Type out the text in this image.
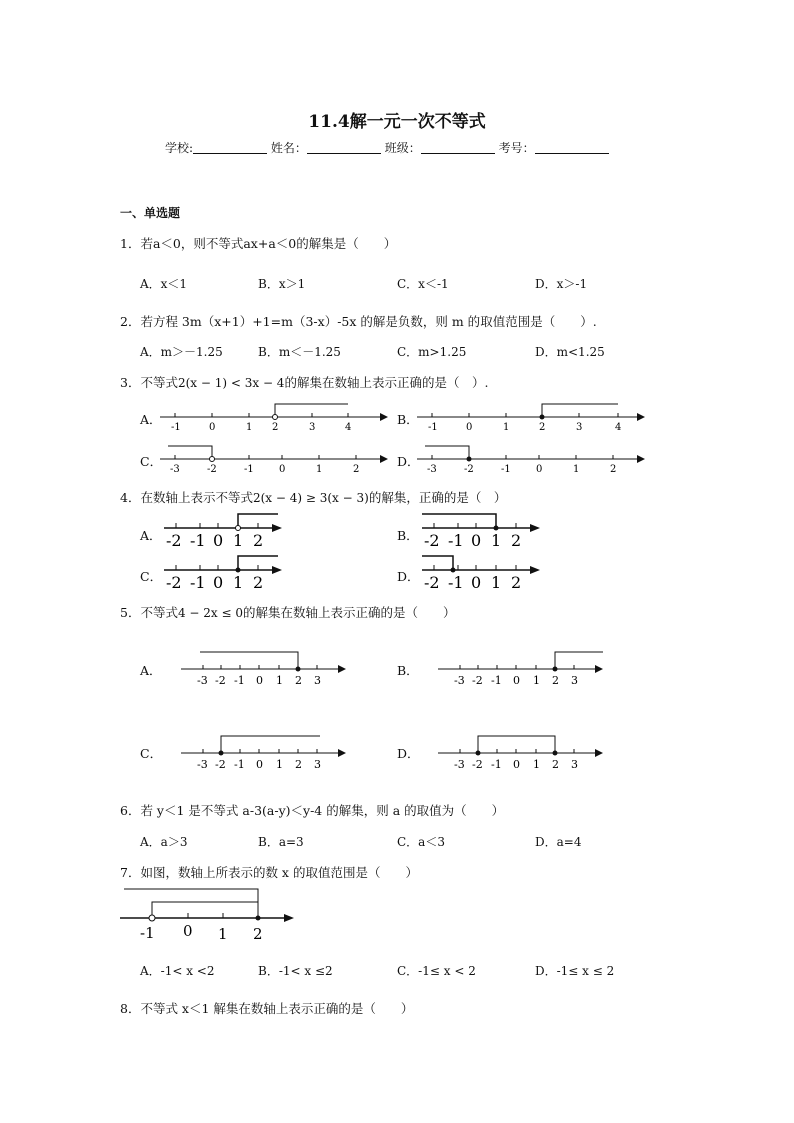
11.4解一元一次不等式
学校:	姓名：	班级：	考号：
一、单选题
1．若a＜0，则不等式ax+a＜0的解集是（　　）
A．x＜1	B．x＞1	C．x＜-1	D．x＞-1
2．若方程 3m（x+1）+1=m（3-x）-5x 的解是负数，则 m 的取值范围是（　　）.
A．m＞－1.25	B．m＜－1.25	C．m>1.25	D．m<1.25
3．不等式2(x − 1) < 3x − 4的解集在数轴上表示正确的是（　）.
A．	B．
C．	D．
-1	0	1 2	3	4	-1	0	1	2	3	4
-3	-2	-1	0	1	2	-3	-2	-1	0	1	2
4．在数轴上表示不等式2(x − 4) ≥ 3(x − 3)的解集，正确的是（　）
A．	B．
C．	D．
-2 -1 0 1 2	-2 -1 0 1 2
-2 -1 0 1 2	-2 -1 0 1 2
5．不等式4 − 2x ≤ 0的解集在数轴上表示正确的是（　　）
A．	B．
C．	D．
-3 -2 -1 0 1 2 3	-3 -2 -1 0 1 2 3
-3 -2 -1 0 1 2 3	-3 -2 -1 0 1 2 3
6．若 y＜1 是不等式 a-3(a-y)＜y-4 的解集，则 a 的取值为（　　）
A．a＞3	B．a=3	C．a＜3	D．a=4
7．如图，数轴上所表示的数 x 的取值范围是（　　）
-1 0 1 2
A．-1< x <2	B．-1< x ≤2	C．-1≤ x < 2	D．-1≤ x ≤ 2
8．不等式 x＜1 解集在数轴上表示正确的是（　　）
